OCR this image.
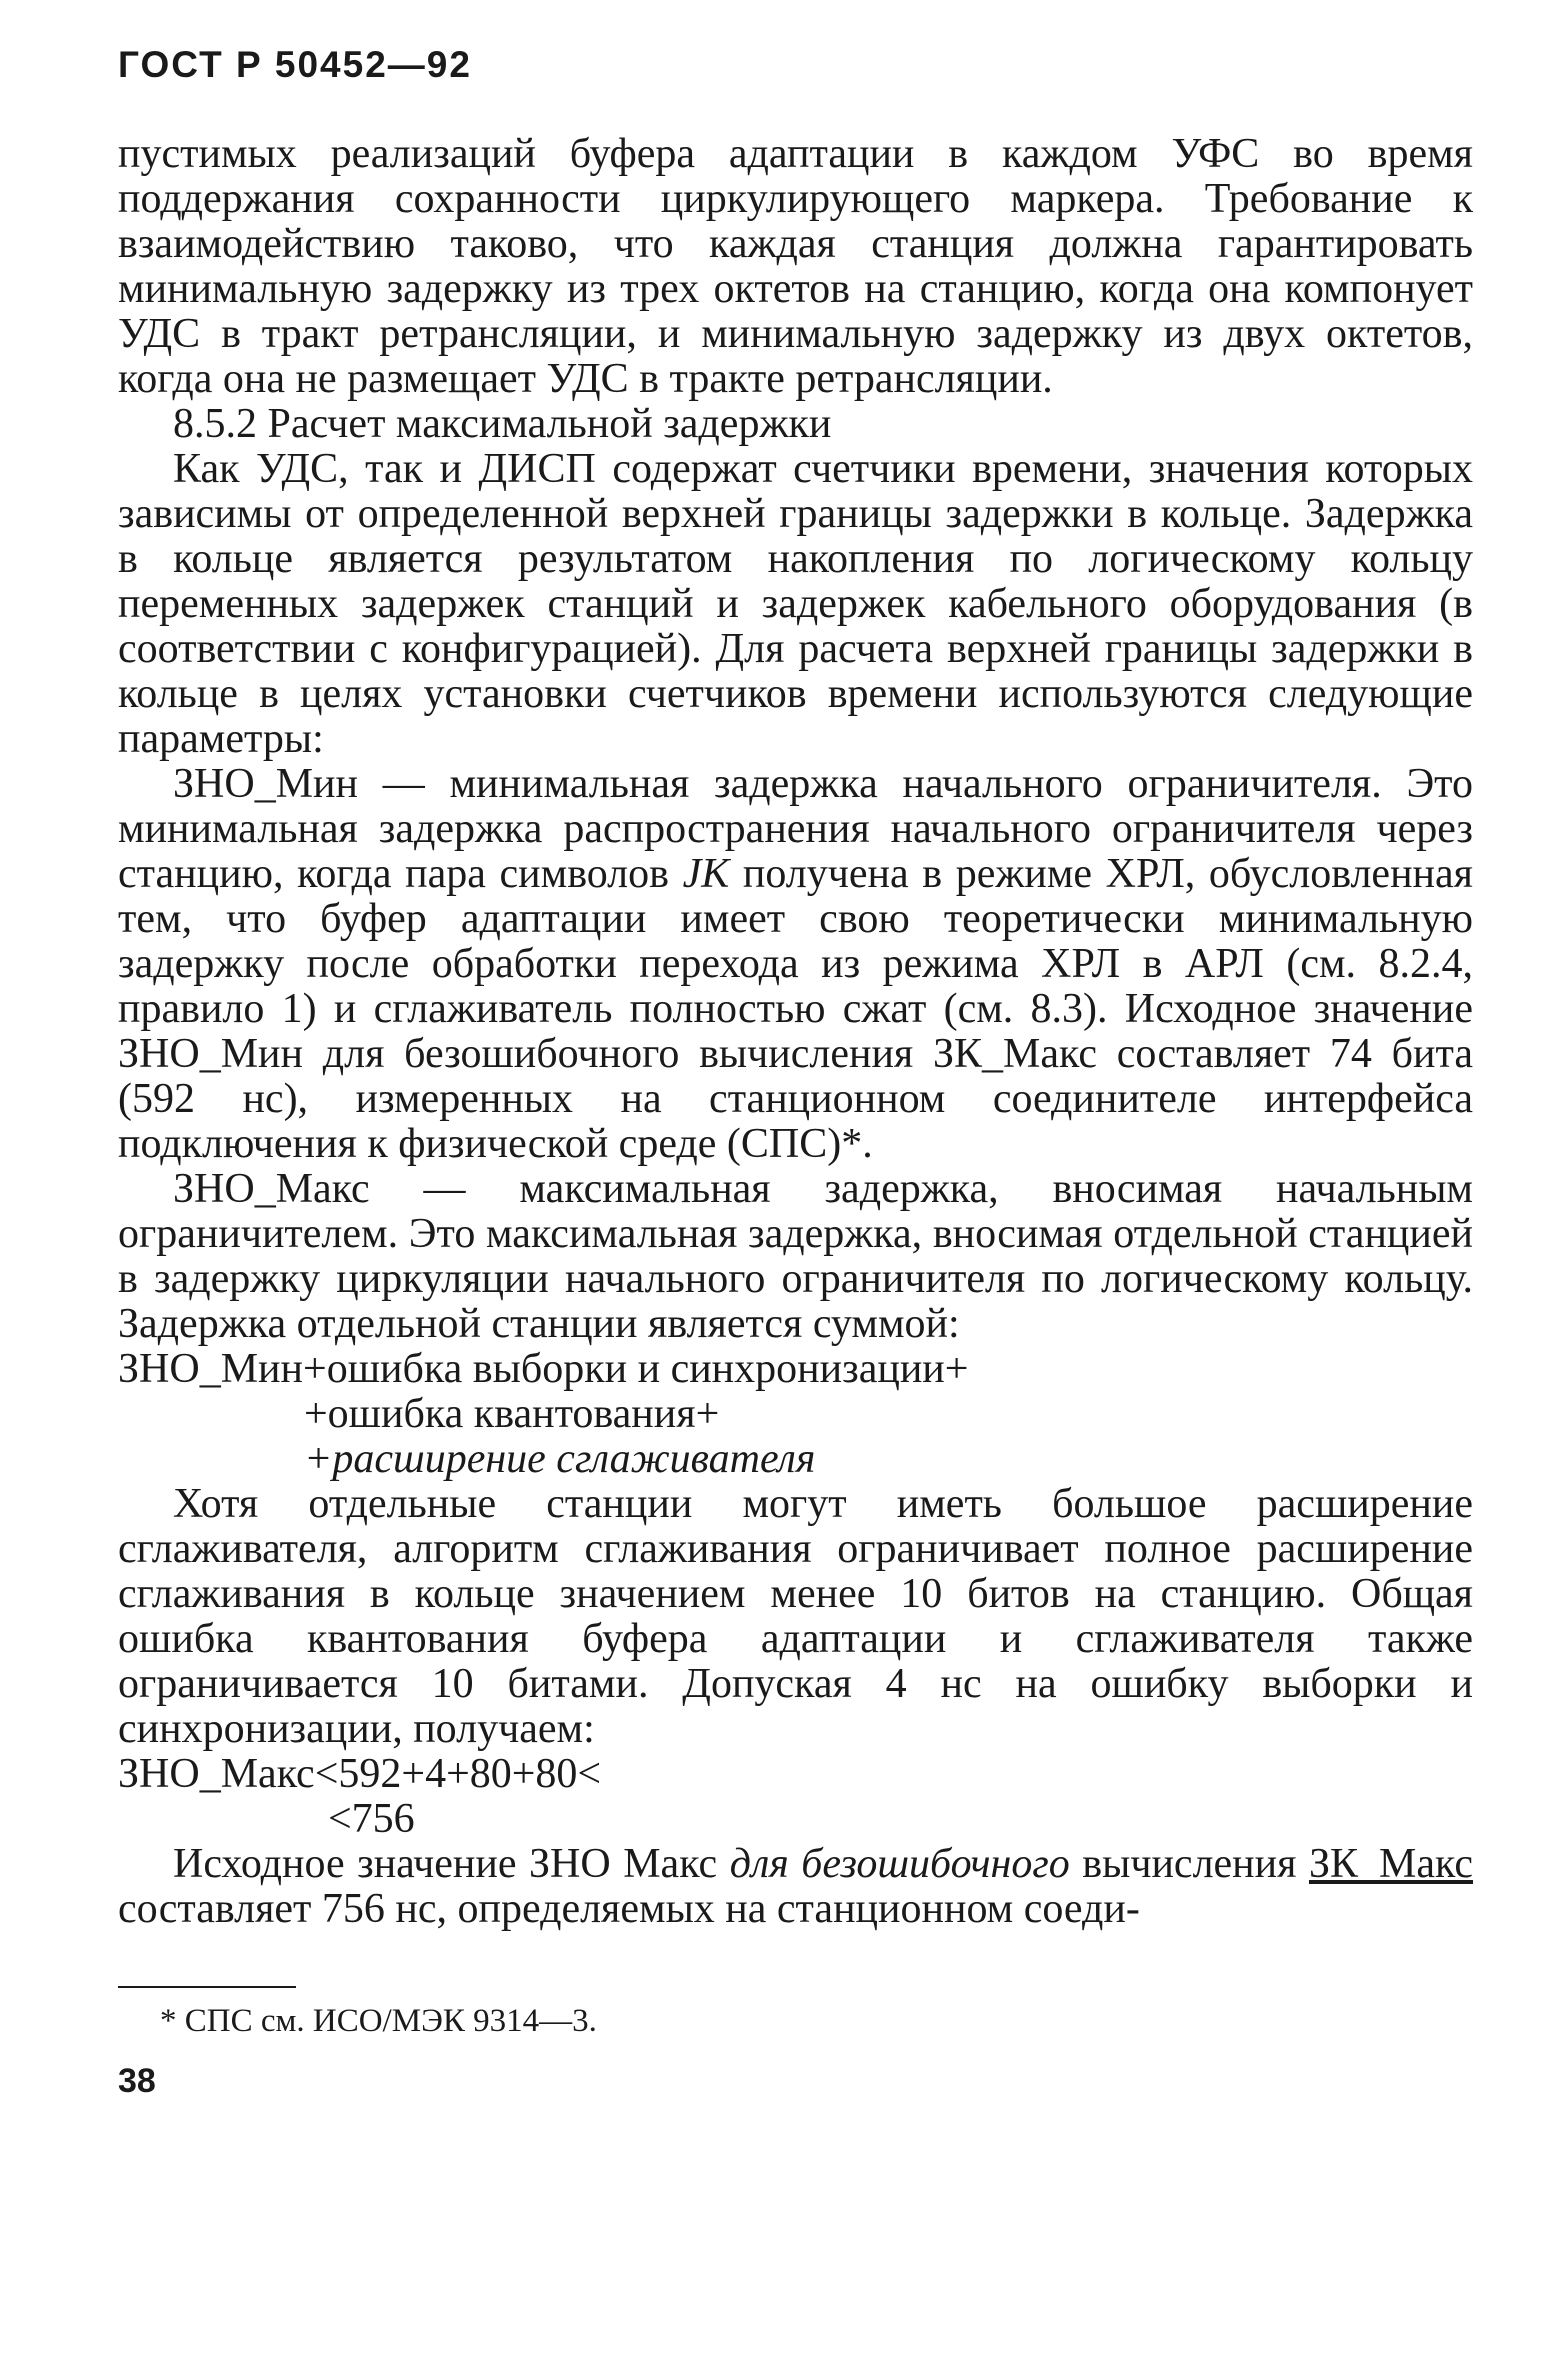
ГОСТ Р 50452—92

пустимых реализаций буфера адаптации в каждом УФС во время поддержания сохранности циркулирующего маркера. Требование к взаимодействию таково, что каждая станция должна гарантировать минимальную задержку из трех октетов на станцию, когда она компонует УДС в тракт ретрансляции, и минимальную задержку из двух октетов, когда она не размещает УДС в тракте ретрансляции.

8.5.2 Расчет максимальной задержки

Как УДС, так и ДИСП содержат счетчики времени, значения которых зависимы от определенной верхней границы задержки в кольце. Задержка в кольце является результатом накопления по логическому кольцу переменных задержек станций и задержек кабельного оборудования (в соответствии с конфигурацией). Для расчета верхней границы задержки в кольце в целях установки счетчиков времени используются следующие параметры:

ЗНО_Мин — минимальная задержка начального ограничителя. Это минимальная задержка распространения начального ограничителя через станцию, когда пара символов JK получена в режиме ХРЛ, обусловленная тем, что буфер адаптации имеет свою теоретически минимальную задержку после обработки перехода из режима ХРЛ в АРЛ (см. 8.2.4, правило 1) и сглаживатель полностью сжат (см. 8.3). Исходное значение ЗНО_Мин для безошибочного вычисления ЗК_Макс составляет 74 бита (592 нс), измеренных на станционном соединителе интерфейса подключения к физической среде (СПС)*.

ЗНО_Макс — максимальная задержка, вносимая начальным ограничителем. Это максимальная задержка, вносимая отдельной станцией в задержку циркуляции начального ограничителя по логическому кольцу. Задержка отдельной станции является суммой:

ЗНО_Мин+ошибка выборки и синхронизации+
+ошибка квантования+
+расширение сглаживателя

Хотя отдельные станции могут иметь большое расширение сглаживателя, алгоритм сглаживания ограничивает полное расширение сглаживания в кольце значением менее 10 битов на станцию. Общая ошибка квантования буфера адаптации и сглаживателя также ограничивается 10 битами. Допуская 4 нс на ошибку выборки и синхронизации, получаем:

ЗНО_Макс<592+4+80+80<
<756

Исходное значение ЗНО Макс для безошибочного вычисления ЗК_Макс составляет 756 нс, определяемых на станционном соеди-

* СПС см. ИСО/МЭК 9314—3.
38
